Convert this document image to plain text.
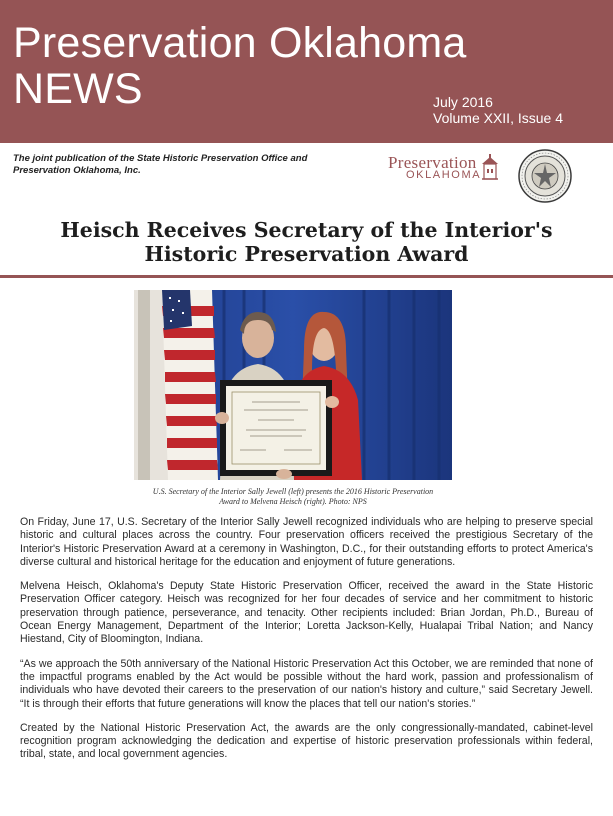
Preservation Oklahoma
NEWS	July 2016
Volume XXII, Issue 4
The joint publication of the State Historic Preservation Office and Preservation Oklahoma, Inc.	Preservation
OKLAHOMA
Heisch Receives Secretary of the Interior's Historic Preservation Award
U.S. Secretary of the Interior Sally Jewell (left) presents the 2016 Historic Preservation Award to Melvena Heisch (right). Photo: NPS

On Friday, June 17, U.S. Secretary of the Interior Sally Jewell recognized individuals who are helping to preserve special historic and cultural places across the country. Four preservation officers received the prestigious Secretary of the Interior's Historic Preservation Award at a ceremony in Washington, D.C., for their outstanding efforts to protect America's diverse cultural and historical heritage for the education and enjoyment of future generations.

Melvena Heisch, Oklahoma's Deputy State Historic Preservation Officer, received the award in the State Historic Preservation Officer category. Heisch was recognized for her four decades of service and her commitment to historic preservation through patience, perseverance, and tenacity. Other recipients included: Brian Jordan, Ph.D., Bureau of Ocean Energy Management, Department of the Interior; Loretta Jackson-Kelly, Hualapai Tribal Nation; and Nancy Hiestand, City of Bloomington, Indiana.

“As we approach the 50th anniversary of the National Historic Preservation Act this October, we are reminded that none of the impactful programs enabled by the Act would be possible without the hard work, passion and professionalism of individuals who have devoted their careers to the preservation of our nation's history and culture,” said Secretary Jewell. “It is through their efforts that future generations will know the places that tell our nation's stories.”

Created by the National Historic Preservation Act, the awards are the only congressionally-mandated, cabinet-level recognition program acknowledging the dedication and expertise of historic preservation professionals within federal, tribal, state, and local government agencies.
